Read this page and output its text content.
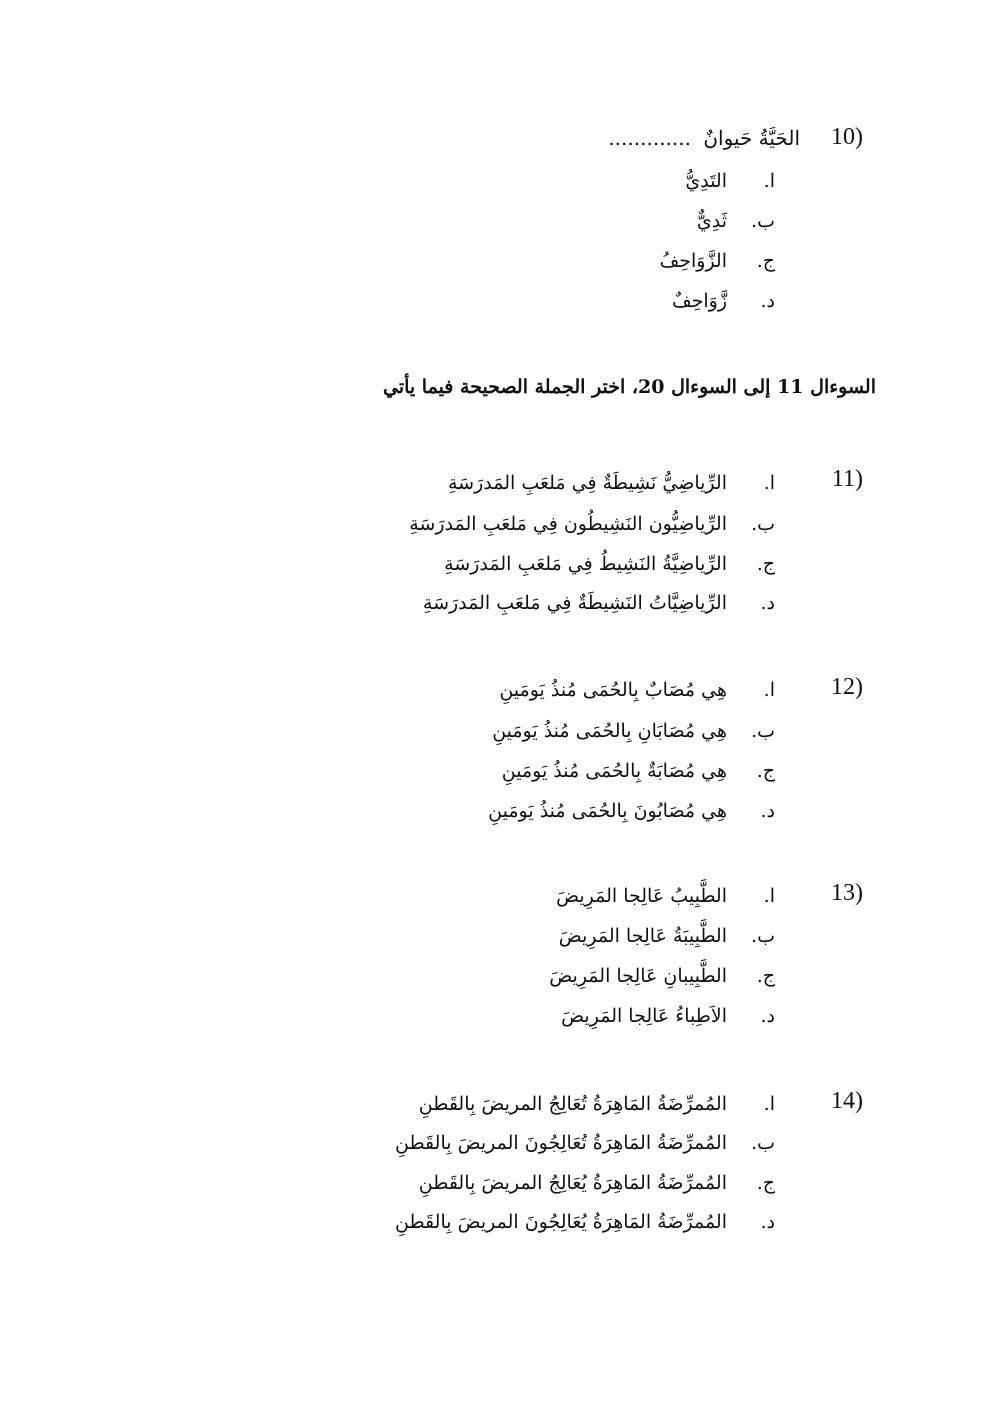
10)
الحَيَّةُ حَيوانٌ .............
ا.
التَدِيُّ
ب.
ثَدِيٌّ
ج.
الزَّوَاحِفُ
د.
زَّوَاحِفٌ
السوءال 11 إلى السوءال 20، اختر الجملة الصحيحة فيما يأتي
11)
ا.
الرِّياضِيُّ نَشِيطَةٌ فِي مَلعَبِ المَدرَسَةِ
ب.
الرِّياضِيُّون النَشِيطُون فِي مَلعَبِ المَدرَسَةِ
ج.
الرِّياضِيَّةُ النَشِيطُ فِي مَلعَبِ المَدرَسَةِ
د.
الرِّياضِيَّاتُ النَشِيطَةٌ فِي مَلعَبِ المَدرَسَةِ
12)
ا.
هِي مُصَابٌ بِالحُمَى مُنذُ يَومَينِ
ب.
هِي مُصَابَانِ بِالحُمَى مُنذُ يَومَينِ
ج.
هِي مُصَابَةٌ بِالحُمَى مُنذُ يَومَينِ
د.
هِي مُصَابُونَ بِالحُمَى مُنذُ يَومَينِ
13)
ا.
الطَّبِيبُ عَالِجا المَرِيضَ
ب.
الطَّبِيبَةُ عَالِجا المَرِيضَ
ج.
الطَّبِيبانِ عَالِجا المَرِيضَ
د.
الاَطِباءُ عَالِجا المَرِيضَ
14)
ا.
المُمرِّضَةُ المَاهِرَةُ تُعَالِجُ المريضَ بِالقَطنِ
ب.
المُمرِّضَةُ المَاهِرَةُ تُعَالِجُونَ المريضَ بِالقَطنِ
ج.
المُمرِّضَةُ المَاهِرَةُ يُعَالِجُ المريضَ بِالقَطنِ
د.
المُمرِّضَةُ المَاهِرَةُ يُعَالِجُونَ المريضَ بِالقَطنِ
